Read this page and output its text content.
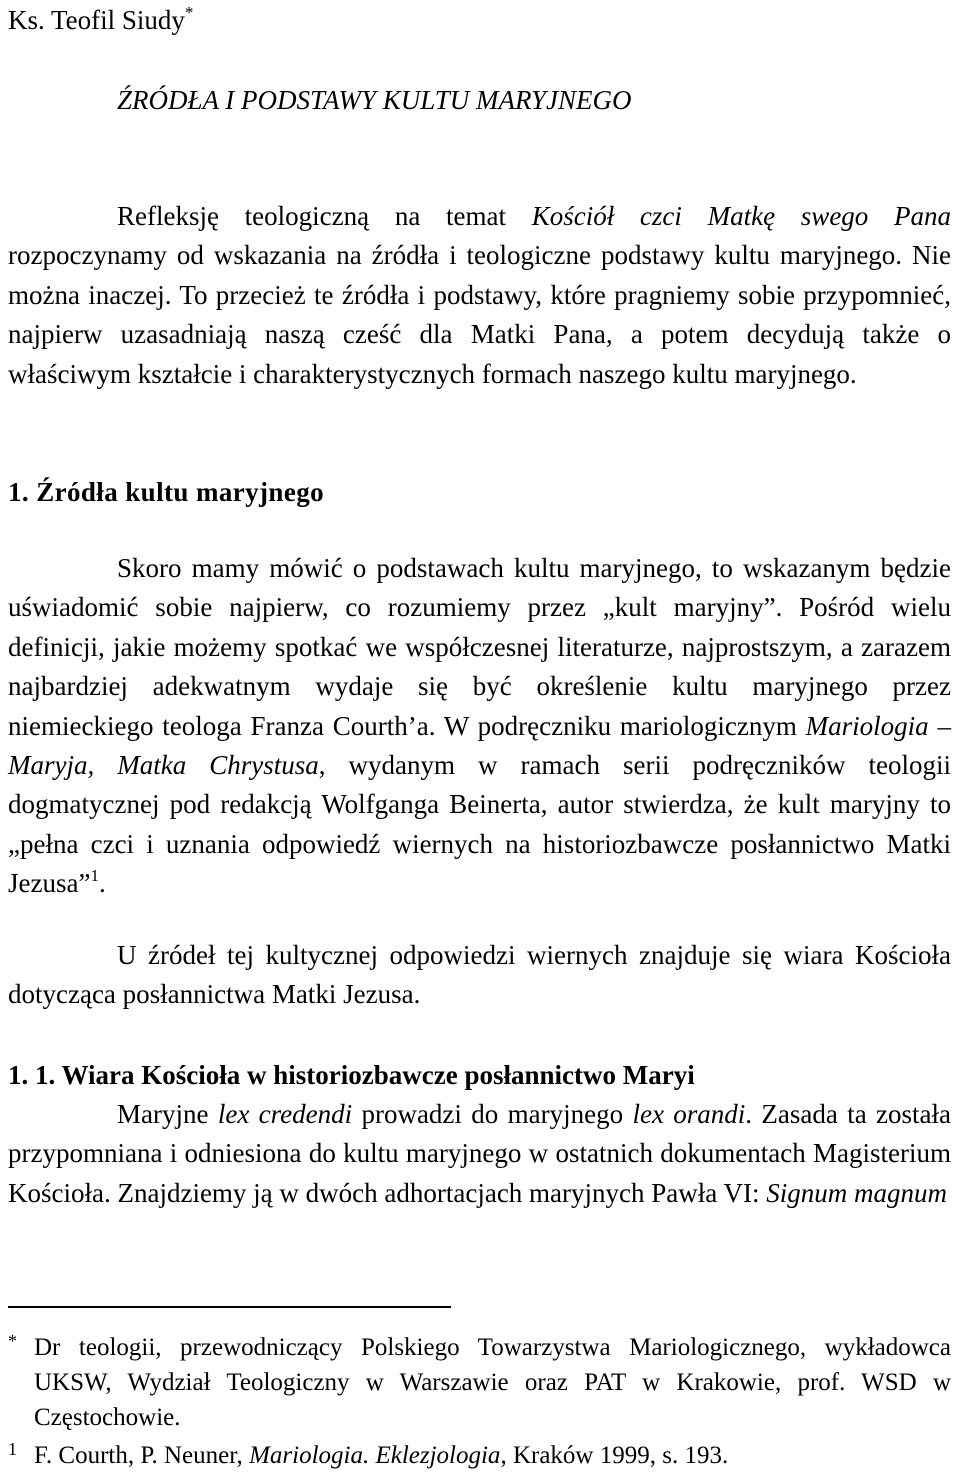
Ks. Teofil Siudy*
ŹRÓDŁA I PODSTAWY KULTU MARYJNEGO
Refleksję teologiczną na temat Kościół czci Matkę swego Pana rozpoczynamy od wskazania na źródła i teologiczne podstawy kultu maryjnego. Nie można inaczej. To przecież te źródła i podstawy, które pragniemy sobie przypomnieć, najpierw uzasadniają naszą cześć dla Matki Pana, a potem decydują także o właściwym kształcie i charakterystycznych formach naszego kultu maryjnego.
1. Źródła kultu maryjnego
Skoro mamy mówić o podstawach kultu maryjnego, to wskazanym będzie uświadomić sobie najpierw, co rozumiemy przez „kult maryjny”. Pośród wielu definicji, jakie możemy spotkać we współczesnej literaturze, najprostszym, a zarazem najbardziej adekwatnym wydaje się być określenie kultu maryjnego przez niemieckiego teologa Franza Courth’a. W podręczniku mariologicznym Mariologia – Maryja, Matka Chrystusa, wydanym w ramach serii podręczników teologii dogmatycznej pod redakcją Wolfganga Beinerta, autor stwierdza, że kult maryjny to „pełna czci i uznania odpowiedź wiernych na historiozbawcze posłannictwo Matki Jezusa”$^1$.
U źródeł tej kultycznej odpowiedzi wiernych znajduje się wiara Kościoła dotycząca posłannictwa Matki Jezusa.
1. 1. Wiara Kościoła w historiozbawcze posłannictwo Maryi
Maryjne lex credendi prowadzi do maryjnego lex orandi. Zasada ta została przypomniana i odniesiona do kultu maryjnego w ostatnich dokumentach Magisterium Kościoła. Znajdziemy ją w dwóch adhortacjach maryjnych Pawła VI: Signum magnum
* Dr teologii, przewodniczący Polskiego Towarzystwa Mariologicznego, wykładowca UKSW, Wydział Teologiczny w Warszawie oraz PAT w Krakowie, prof. WSD w Częstochowie.
1 F. Courth, P. Neuner, Mariologia. Eklezjologia, Kraków 1999, s. 193.
